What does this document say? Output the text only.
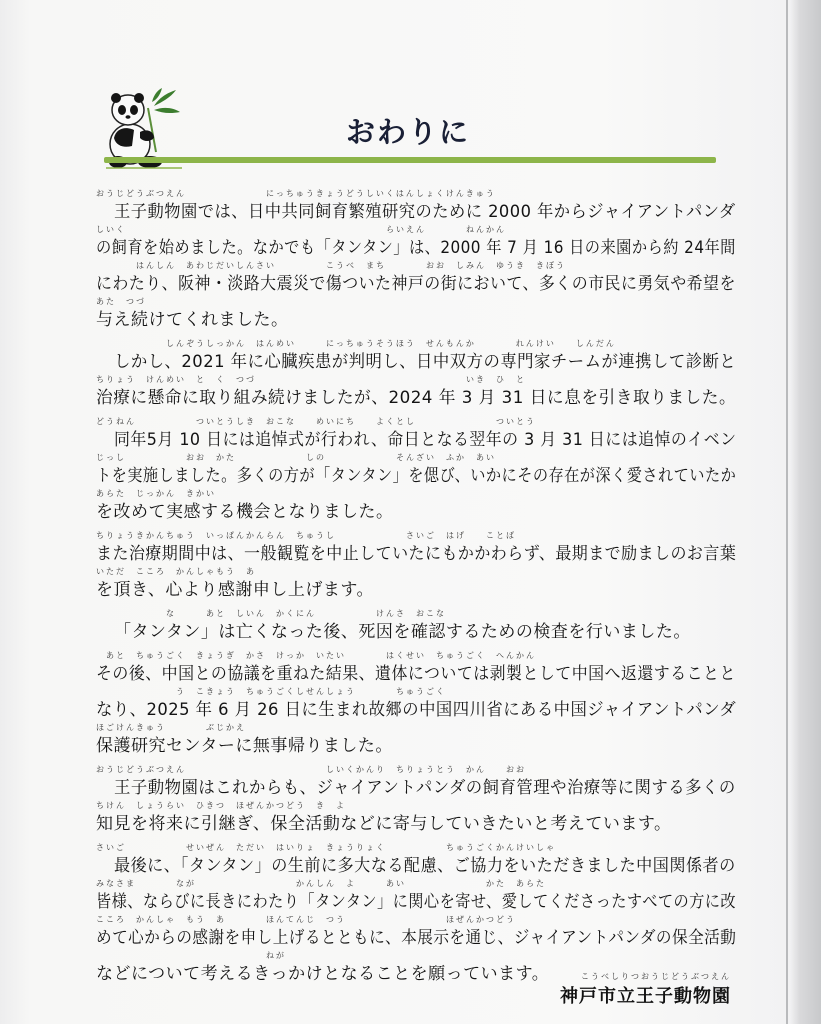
おわりに
おうじどうぶつえん　　　　　　　　にっちゅうきょうどうしいくはんしょくけんきゅう
王子動物園では、日中共同飼育繁殖研究のために 2000 年からジャイアントパンダ
しいく　　　　　　　　　　　　　　　　　　　　　　　　　　らいえん　　　　ねんかん
の飼育を始めました。なかでも「タンタン」は、2000 年 7 月 16 日の来園から約 24年間
　　　　はんしん　あわじだいしんさい　　　　　こうべ　まち　　　　おお　しみん　ゆうき　きぼう
にわたり、阪神・淡路大震災で傷ついた神戸の街において、多くの市民に勇気や希望を
あた　つづ
与え続けてくれました。
　　　　　　　しんぞうしっかん　はんめい　　　にっちゅうそうほう　せんもんか　　　　れんけい　　しんだん
しかし、2021 年に心臓疾患が判明し、日中双方の専門家チームが連携して診断と
ちりょう　けんめい　と　く　つづ　　　　　　　　　　　　　　　　　　　　　いき　ひ　と
治療に懸命に取り組み続けましたが、2024 年 3 月 31 日に息を引き取りました。
どうねん　　　　　　ついとうしき　おこな　　めいにち　　よくとし　　　　　　　　ついとう
同年5月 10 日には追悼式が行われ、命日となる翌年の 3 月 31 日には追悼のイベン
じっし　　　　　　おお　かた　　　　　　　しの　　　　　　　そんざい　ふか　あい
トを実施しました。多くの方が「タンタン」を偲び、いかにその存在が深く愛されていたか
あらた　じっかん　きかい
を改めて実感する機会となりました。
ちりょうきかんちゅう　いっぱんかんらん　ちゅうし　　　　　　　さいご　はげ　　ことば
また治療期間中は、一般観覧を中止していたにもかかわらず、最期まで励ましのお言葉
いただ　こころ　かんしゃもう　あ
を頂き、心より感謝申し上げます。
　　　　　　　な　　　あと　しいん　かくにん　　　　　　けんさ　おこな
「タンタン」は亡くなった後、死因を確認するための検査を行いました。
　あと　ちゅうごく　きょうぎ　かさ　けっか　いたい　　　　はくせい　ちゅうごく　へんかん
その後、中国との協議を重ねた結果、遺体については剥製として中国へ返還することと
　　　　　　　　う　こきょう　ちゅうごくしせんしょう　　　　ちゅうごく
なり、2025 年 6 月 26 日に生まれ故郷の中国四川省にある中国ジャイアントパンダ
ほごけんきゅう　　　　ぶじかえ
保護研究センターに無事帰りました。
おうじどうぶつえん　　　　　　　　　　　　　　しいくかんり　ちりょうとう　かん　　おお
王子動物園はこれからも、ジャイアントパンダの飼育管理や治療等に関する多くの
ちけん　しょうらい　ひきつ　ほぜんかつどう　き　よ
知見を将来に引継ぎ、保全活動などに寄与していきたいと考えています。
さいご　　　　　　せいぜん　ただい　はいりょ　きょうりょく　　　　　　ちゅうごくかんけいしゃ
最後に、「タンタン」の生前に多大なる配慮、ご協力をいただきました中国関係者の
みなさま　　　　なが　　　　　　　　　　かんしん　よ　　　あい　　　　　　　　かた　あらた
皆様、ならびに長きにわたり「タンタン」に関心を寄せ、愛してくださったすべての方に改
こころ　かんしゃ　もう　あ　　　　ほんてんじ　つう　　　　　　　　　　ほぜんかつどう
めて心からの感謝を申し上げるとともに、本展示を通じ、ジャイアントパンダの保全活動
　　　　　　　　　　　　　　　　　ねが
などについて考えるきっかけとなることを願っています。	こうべしりつおうじどうぶつえん
神戸市立王子動物園
